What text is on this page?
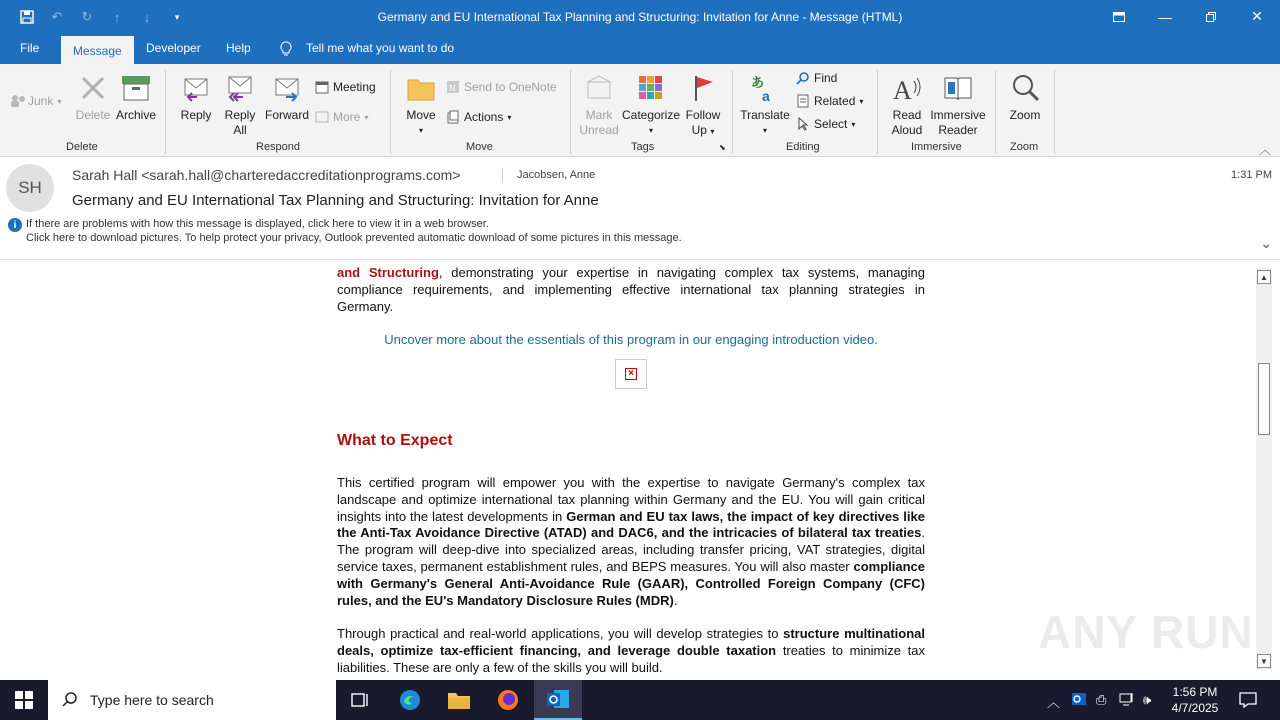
↶ ↻	↑	↓	▾	Germany and EU International Tax Planning and Structuring: Invitation for Anne - Message (HTML)	—	✕
File	Message	Developer Help	Tell me what you want to do
Junk ▾
Delete Archive
Delete
Reply Reply
All
Forward
Meeting
More ▾
Respond
Move
▾
N Send to OneNote
Actions ▾
Move
Mark
Unread
Categorize
▾
Follow
Up ▾
Tags	⬊
あ
a
Translate
▾
Find
Related ▾
Select ▾
Editing
A
Read
Aloud
Immersive
Reader
Immersive
Zoom
Zoom	︿
SH
Sarah Hall <sarah.hall@charteredaccreditationprograms.com>	Jacobsen, Anne	1:31 PM
Germany and EU International Tax Planning and Structuring: Invitation for Anne
i If there are problems with how this message is displayed, click here to view it in a web browser.
Click here to download pictures. To help protect your privacy, Outlook prevented automatic download of some pictures in this message.	⌄

and Structuring, demonstrating your expertise in navigating complex tax systems, managing compliance requirements, and implementing effective international tax planning strategies in Germany.

Uncover more about the essentials of this program in our engaging introduction video.

×
What to Expect

This certified program will empower you with the expertise to navigate Germany's complex tax landscape and optimize international tax planning within Germany and the EU. You will gain critical insights into the latest developments in German and EU tax laws, the impact of key directives like the Anti-Tax Avoidance Directive (ATAD) and DAC6, and the intricacies of bilateral tax treaties. The program will deep-dive into specialized areas, including transfer pricing, VAT strategies, digital service taxes, permanent establishment rules, and BEPS measures. You will also master compliance with Germany's General Anti-Avoidance Rule (GAAR), Controlled Foreign Company (CFC) rules, and the EU's Mandatory Disclosure Rules (MDR).

Through practical and real-world applications, you will develop strategies to structure multinational deals, optimize tax-efficient financing, and leverage double taxation treaties to minimize tax liabilities. These are only a few of the skills you will build.

▲
▼
ANY RUN
Type here to search	︿	⎙	🕪	1:56 PM
4/7/2025
